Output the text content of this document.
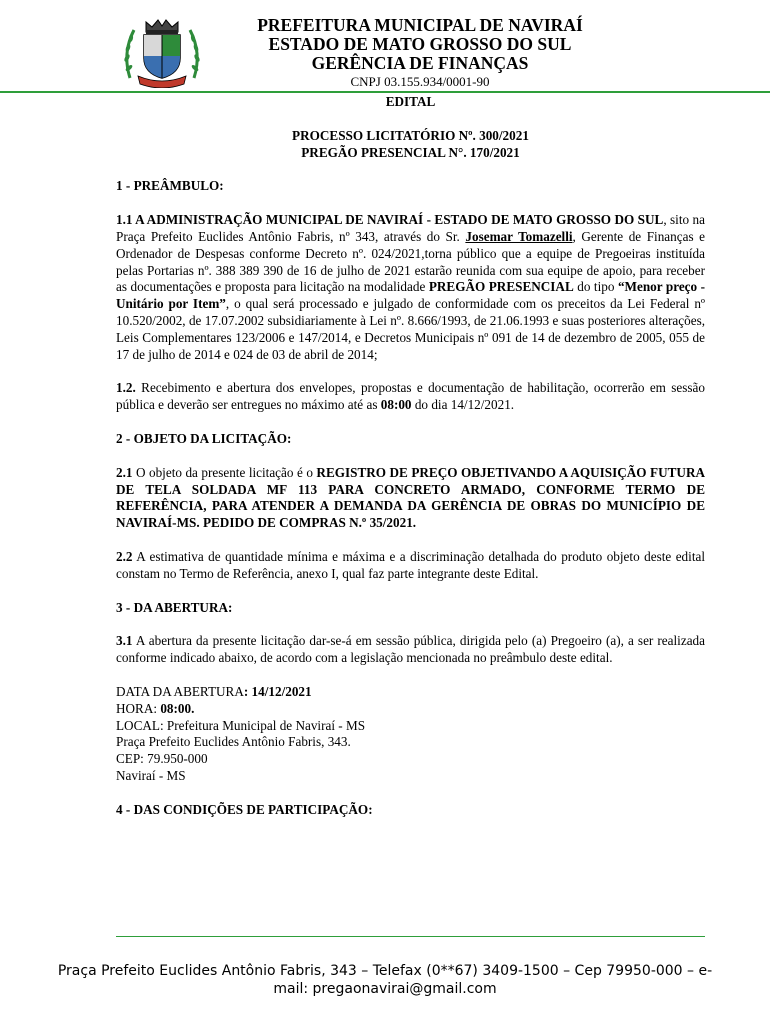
PREFEITURA MUNICIPAL DE NAVIRAÍ
ESTADO DE MATO GROSSO DO SUL
GERÊNCIA DE FINANÇAS
CNPJ 03.155.934/0001-90
EDITAL
PROCESSO LICITATÓRIO Nº. 300/2021
PREGÃO PRESENCIAL N°. 170/2021
1 - PREÂMBULO:

1.1 A ADMINISTRAÇÃO MUNICIPAL DE NAVIRAÍ - ESTADO DE MATO GROSSO DO SUL, sito na Praça Prefeito Euclides Antônio Fabris, nº 343, através do Sr. Josemar Tomazelli, Gerente de Finanças e Ordenador de Despesas conforme Decreto nº. 024/2021,torna público que a equipe de Pregoeiras instituída pelas Portarias nº. 388 389 390 de 16 de julho de 2021 estarão reunida com sua equipe de apoio, para receber as documentações e proposta para licitação na modalidade PREGÃO PRESENCIAL do tipo “Menor preço - Unitário por Item”, o qual será processado e julgado de conformidade com os preceitos da Lei Federal nº 10.520/2002, de 17.07.2002 subsidiariamente à Lei nº. 8.666/1993, de 21.06.1993 e suas posteriores alterações, Leis Complementares 123/2006 e 147/2014, e Decretos Municipais nº 091 de 14 de dezembro de 2005, 055 de 17 de julho de 2014 e 024 de 03 de abril de 2014;

1.2. Recebimento e abertura dos envelopes, propostas e documentação de habilitação, ocorrerão em sessão pública e deverão ser entregues no máximo até as 08:00 do dia 14/12/2021.

2 - OBJETO DA LICITAÇÃO:

2.1 O objeto da presente licitação é o REGISTRO DE PREÇO OBJETIVANDO A AQUISIÇÃO FUTURA DE TELA SOLDADA MF 113 PARA CONCRETO ARMADO, CONFORME TERMO DE REFERÊNCIA, PARA ATENDER A DEMANDA DA GERÊNCIA DE OBRAS DO MUNICÍPIO DE NAVIRAÍ-MS. PEDIDO DE COMPRAS N.º 35/2021.

2.2 A estimativa de quantidade mínima e máxima e a discriminação detalhada do produto objeto deste edital constam no Termo de Referência, anexo I, qual faz parte integrante deste Edital.

3 - DA ABERTURA:

3.1 A abertura da presente licitação dar-se-á em sessão pública, dirigida pelo (a) Pregoeiro (a), a ser realizada conforme indicado abaixo, de acordo com a legislação mencionada no preâmbulo deste edital.

DATA DA ABERTURA: 14/12/2021
HORA: 08:00.
LOCAL: Prefeitura Municipal de Naviraí - MS
Praça Prefeito Euclides Antônio Fabris, 343.
CEP: 79.950-000
Naviraí - MS
4 - DAS CONDIÇÕES DE PARTICIPAÇÃO:
Praça Prefeito Euclides Antônio Fabris, 343 – Telefax (0**67) 3409-1500 – Cep 79950-000 – e-
mail: pregaonavirai@gmail.com
